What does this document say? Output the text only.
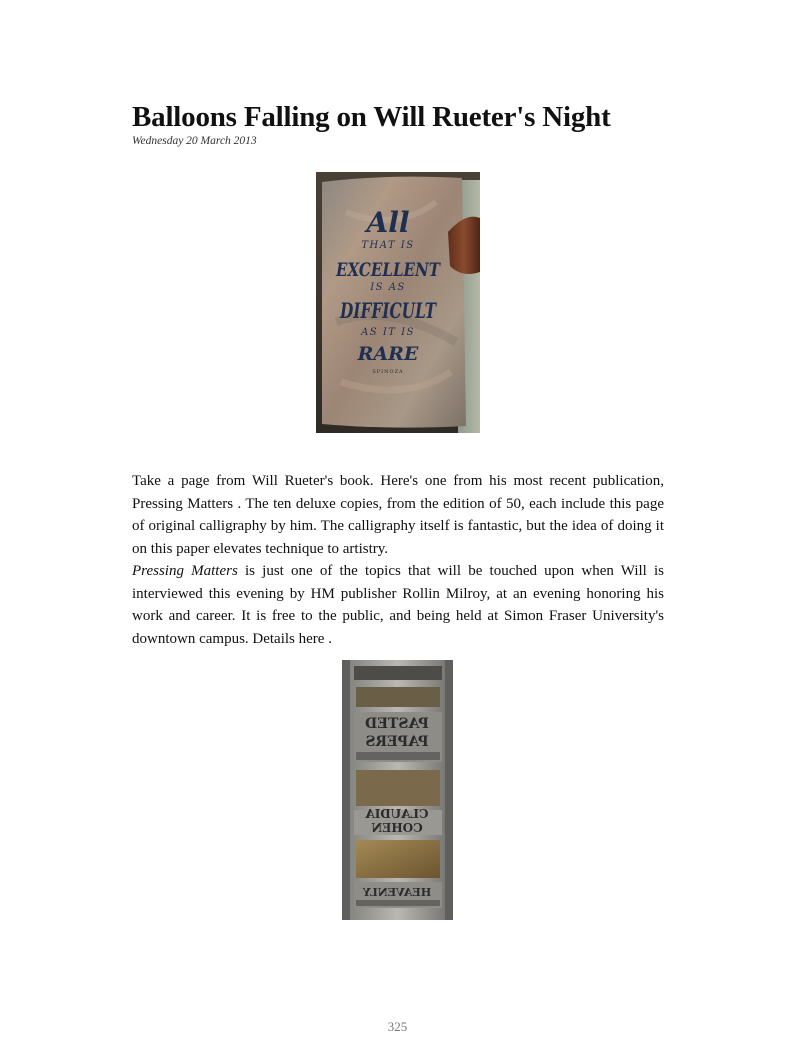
Balloons Falling on Will Rueter's Night
Wednesday 20 March 2013
All
THAT IS
EXCELLENT
IS AS
DIFFICULT
AS IT IS
RARE
SPINOZA

Take a page from Will Rueter's book. Here's one from his most recent publication, Pressing Matters . The ten deluxe copies, from the edition of 50, each include this page of original calligraphy by him. The calligraphy itself is fantastic, but the idea of doing it on this paper elevates technique to artistry.

Pressing Matters is just one of the topics that will be touched upon when Will is interviewed this evening by HM publisher Rollin Milroy, at an evening honoring his work and career. It is free to the public, and being held at Simon Fraser University's downtown campus. Details here .

PASTED
PAPERS
CLAUDIA
COHEN
HEAVENLY
325
